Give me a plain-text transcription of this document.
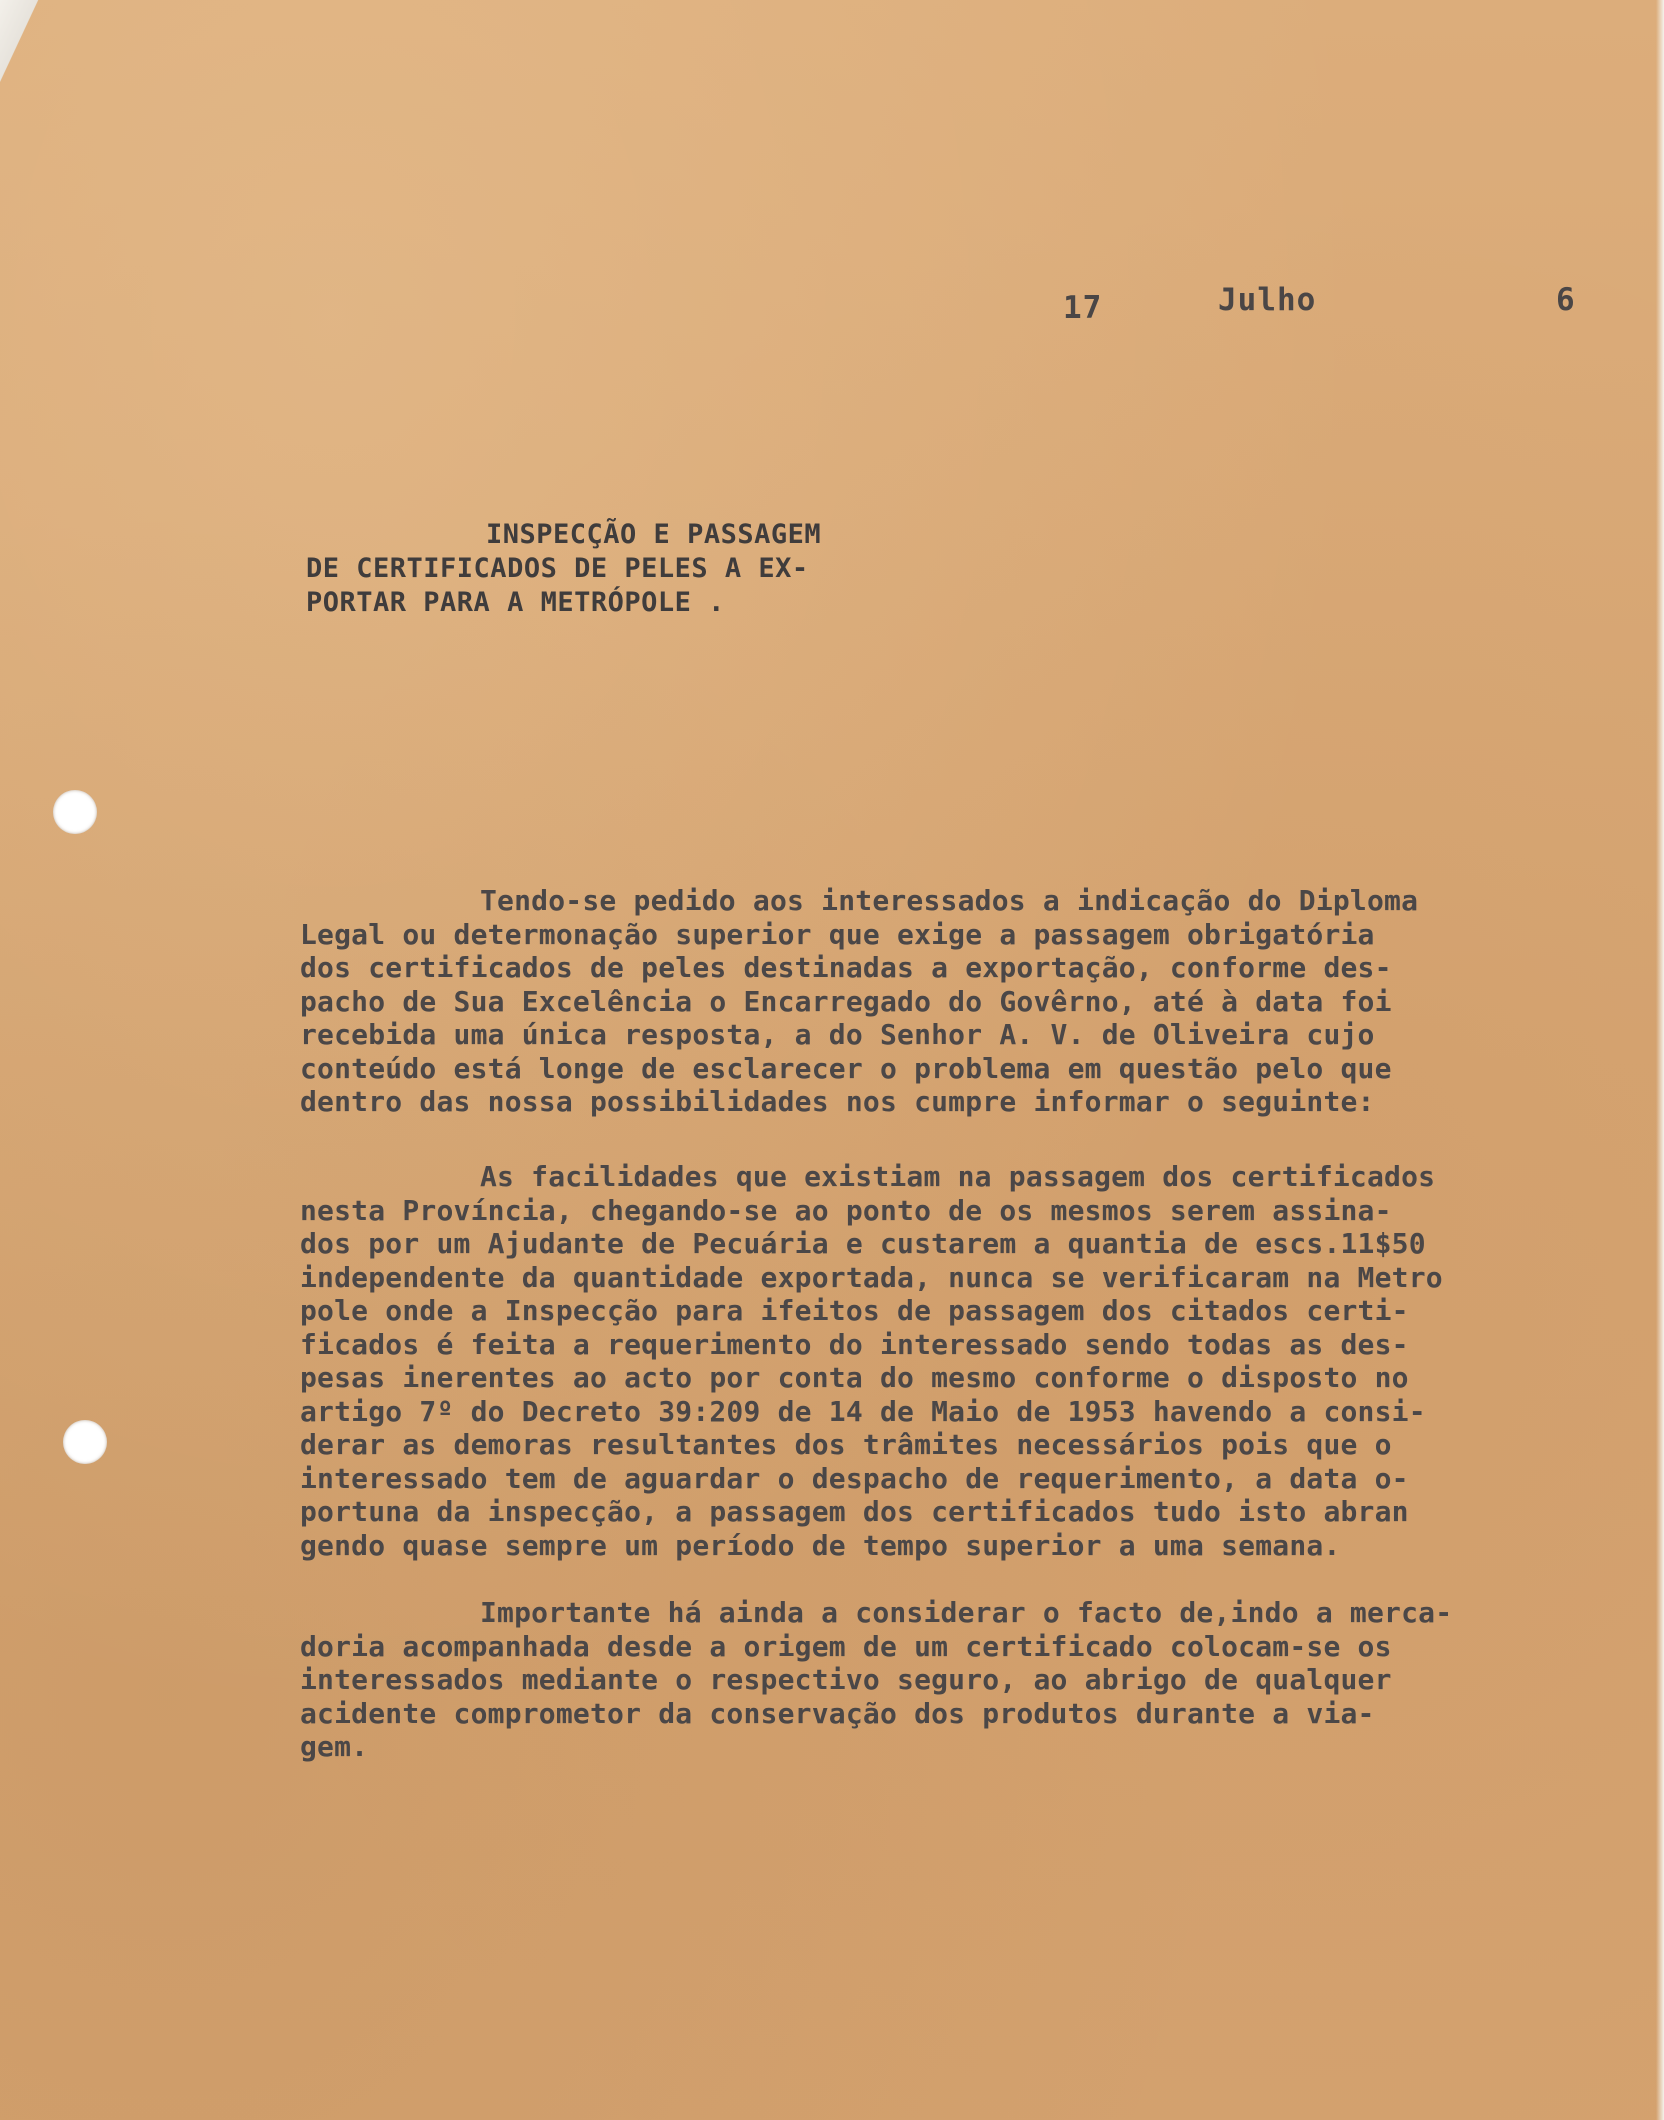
17	Julho	6
INSPECÇÃO E PASSAGEM
DE CERTIFICADOS DE PELES A EX-
PORTAR PARA A METRÓPOLE .
Tendo-se pedido aos interessados a indicação do Diploma
Legal ou determonação superior que exige a passagem obrigatória
dos certificados de peles destinadas a exportação, conforme des-
pacho de Sua Excelência o Encarregado do Govêrno, até à data foi
recebida uma única resposta, a do Senhor A. V. de Oliveira cujo
conteúdo está longe de esclarecer o problema em questão pelo que
dentro das nossa possibilidades nos cumpre informar o seguinte:
As facilidades que existiam na passagem dos certificados
nesta Província, chegando-se ao ponto de os mesmos serem assina-
dos por um Ajudante de Pecuária e custarem a quantia de escs.11$50
independente da quantidade exportada, nunca se verificaram na Metro
pole onde a Inspecção para ifeitos de passagem dos citados certi-
ficados é feita a requerimento do interessado sendo todas as des-
pesas inerentes ao acto por conta do mesmo conforme o disposto no
artigo 7º do Decreto 39:209 de 14 de Maio de 1953 havendo a consi-
derar as demoras resultantes dos trâmites necessários pois que o
interessado tem de aguardar o despacho de requerimento, a data o-
portuna da inspecção, a passagem dos certificados tudo isto abran
gendo quase sempre um período de tempo superior a uma semana.
Importante há ainda a considerar o facto de,indo a merca-
doria acompanhada desde a origem de um certificado colocam-se os
interessados mediante o respectivo seguro, ao abrigo de qualquer
acidente comprometor da conservação dos produtos durante a via-
gem.
